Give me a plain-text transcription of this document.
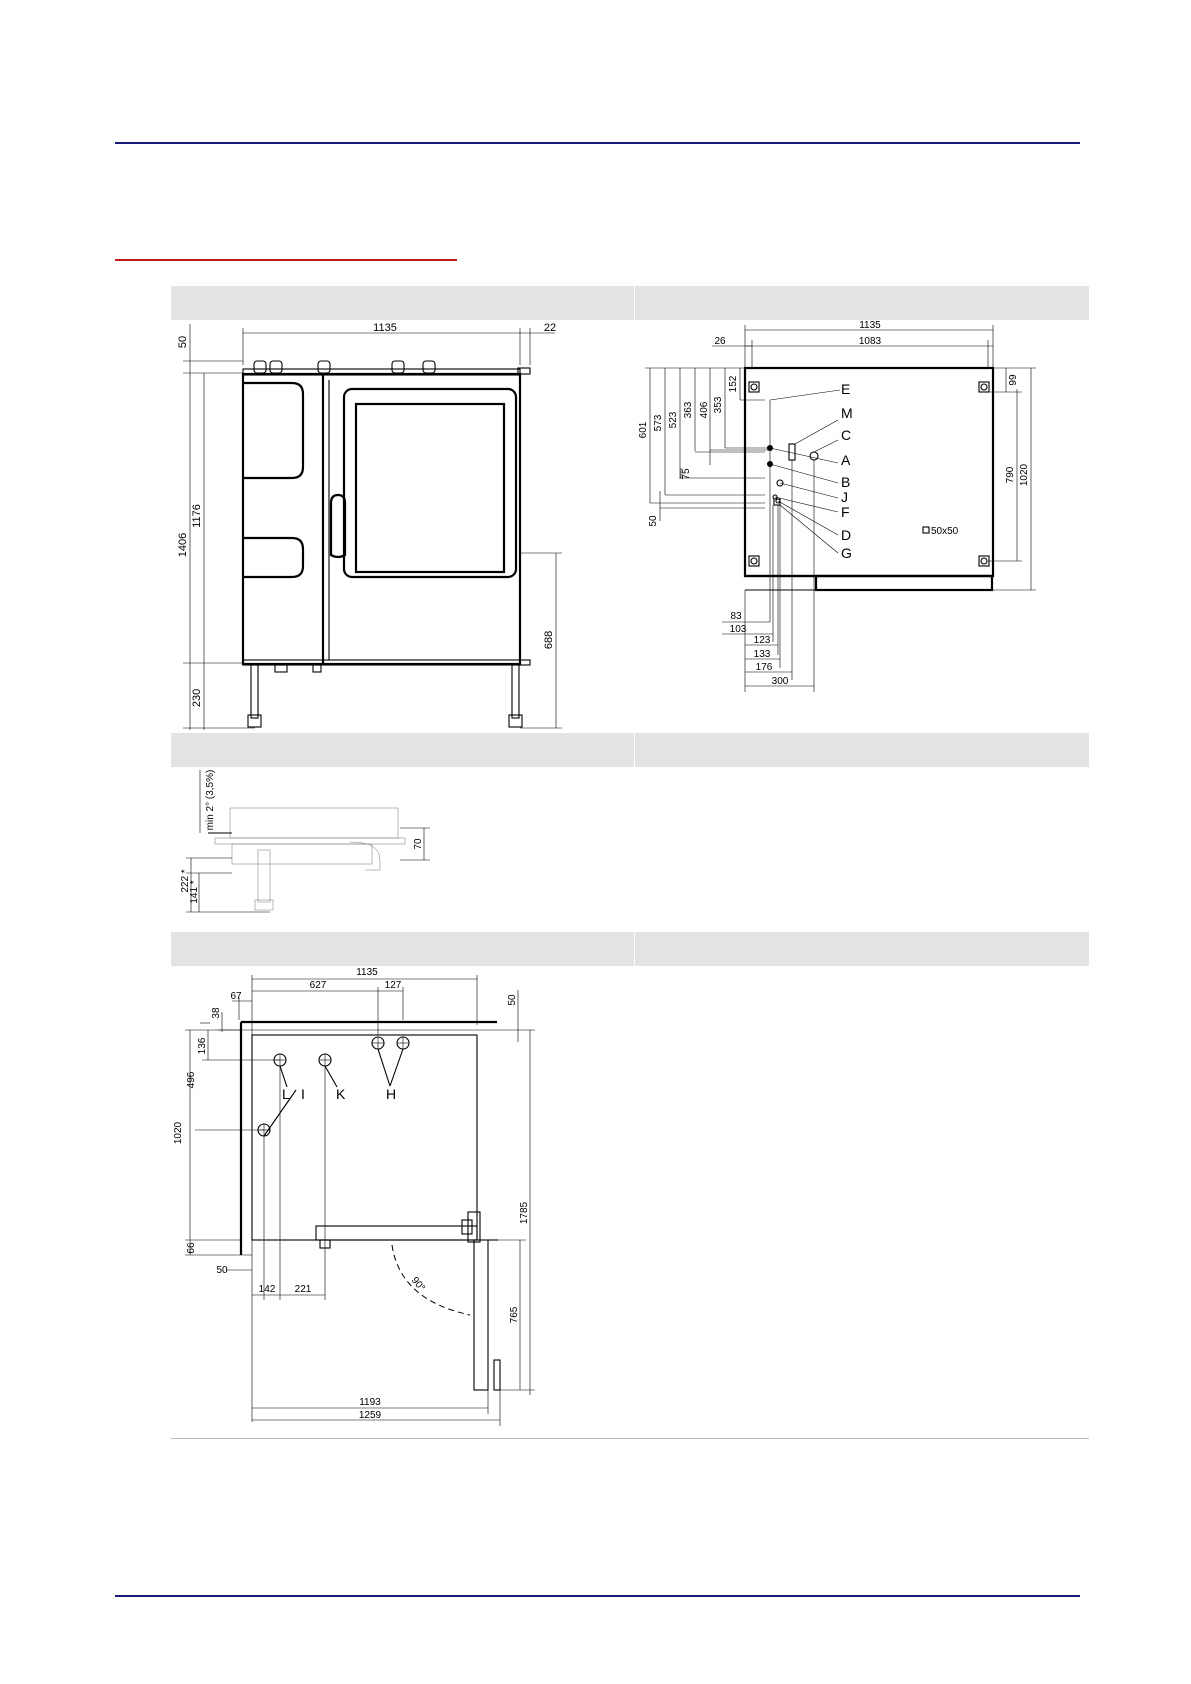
1135	22
50
1406
1176
230
688
1135
1083
26
50x50
601 573 523
363 406 353
152
75
50
83
103
123
133
176
300
E
M
C
A
B
J
F
D
G
99
790 1020
min 2° (3,5%)
70
222 *
141 *
1135
627	127
67	50
38
136
496
1020
66
L I K	H
50
142 221	90°
1785
765
1193
1259
